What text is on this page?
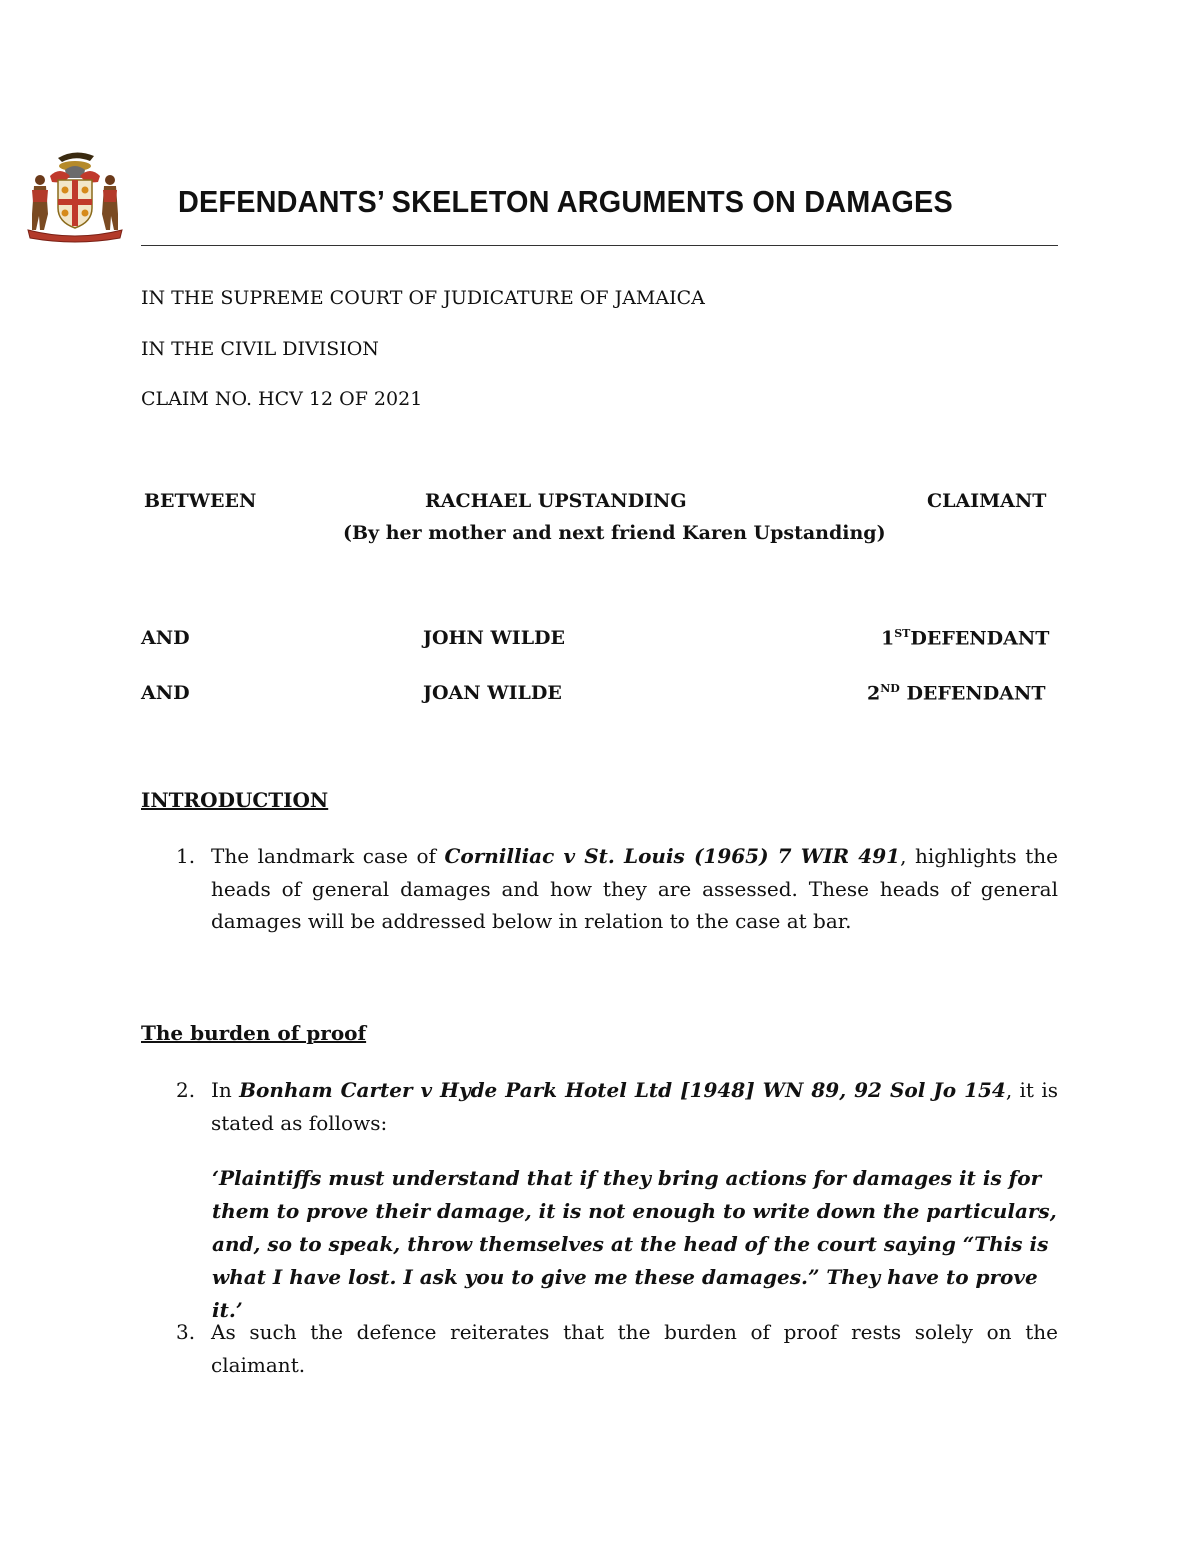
DEFENDANTS’ SKELETON ARGUMENTS ON DAMAGES
IN THE SUPREME COURT OF JUDICATURE OF JAMAICA
IN THE CIVIL DIVISION
CLAIM NO. HCV 12 OF 2021
BETWEEN	RACHAEL UPSTANDING	CLAIMANT
(By her mother and next friend Karen Upstanding)
AND	JOHN WILDE	1STDEFENDANT
AND	JOAN WILDE	2ND DEFENDANT
INTRODUCTION
1. The landmark case of Cornilliac v St. Louis (1965) 7 WIR 491, highlights the heads of general damages and how they are assessed. These heads of general damages will be addressed below in relation to the case at bar.
The burden of proof
2. In Bonham Carter v Hyde Park Hotel Ltd [1948] WN 89, 92 Sol Jo 154, it is stated as follows:
‘Plaintiffs must understand that if they bring actions for damages it is for them to prove their damage, it is not enough to write down the particulars, and, so to speak, throw themselves at the head of the court saying “This is what I have lost. I ask you to give me these damages.” They have to prove it.’
3. As such the defence reiterates that the burden of proof rests solely on the claimant.
